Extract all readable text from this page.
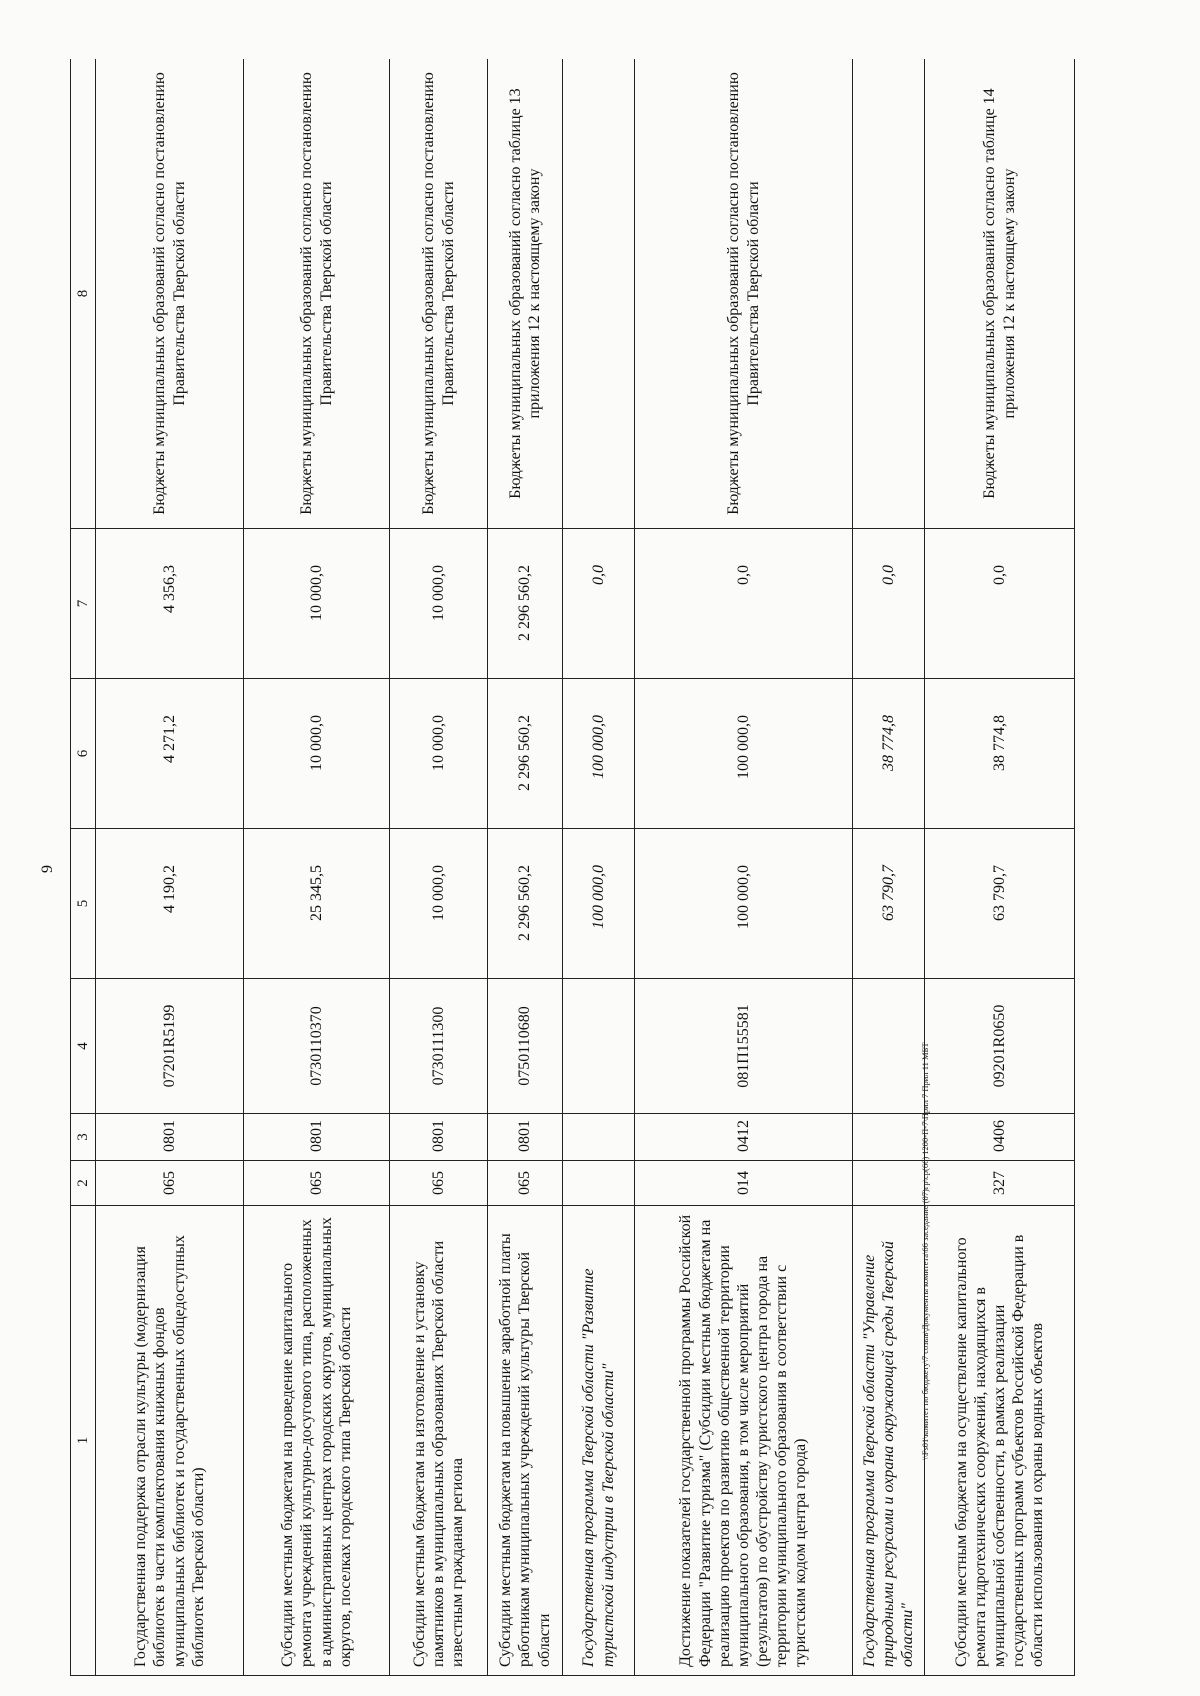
9
1	2	3	4	5	6	7	8
Государственная поддержка отрасли культуры (модернизация библиотек в части комплектования книжных фондов муниципальных библиотек и государственных общедоступных библиотек Тверской области)	065	0801	07201R5199	4 190,2	4 271,2	4 356,3	Бюджеты муниципальных образований согласно постановлению Правительства Тверской области
Субсидии местным бюджетам на проведение капитального ремонта учреждений культурно-досугового типа, расположенных в административных центрах городских округов, муниципальных округов, поселках городского типа Тверской области	065	0801	0730110370	25 345,5	10 000,0	10 000,0	Бюджеты муниципальных образований согласно постановлению Правительства Тверской области
Субсидии местным бюджетам на изготовление и установку памятников в муниципальных образованиях Тверской области известным гражданам региона	065	0801	0730111300	10 000,0	10 000,0	10 000,0	Бюджеты муниципальных образований согласно постановлению Правительства Тверской области
Субсидии местным бюджетам на повышение заработной платы работникам муниципальных учреждений культуры Тверской области	065	0801	0750110680	2 296 560,2	2 296 560,2	2 296 560,2	Бюджеты муниципальных образований согласно таблице 13 приложения 12 к настоящему закону
Государственная программа Тверской области "Развитие туристской индустрии в Тверской области"				100 000,0	100 000,0	0,0	
Достижение показателей государственной программы Российской Федерации "Развитие туризма" (Субсидии местным бюджетам на реализацию проектов по развитию общественной территории муниципального образования, в том числе мероприятий (результатов) по обустройству туристского центра города на территории муниципального образования в соответствии с туристским кодом центра города)	014	0412	081П155581	100 000,0	100 000,0	0,0	Бюджеты муниципальных образований согласно постановлению Правительства Тверской области
Государственная программа Тверской области "Управление природными ресурсами и охрана окружающей среды Тверской области"				63 790,7	38 774,8	0,0	
Субсидии местным бюджетам на осуществление капитального ремонта гидротехнических сооружений, находящихся в муниципальной собственности, в рамках реализации государственных программ субъектов Российской Федерации в области использования и охраны водных объектов	327	0406	09201R0650	63 790,7	38 774,8	0,0	Бюджеты муниципальных образований согласно таблице 14 приложения 12 к настоящему закону
\\Fs01\комитет по бюджету\7 созыв\Документы комитета\66 заседание (07)гр\ср(66) 1200-П-7\Прил 7 Прил 11 МБТ
